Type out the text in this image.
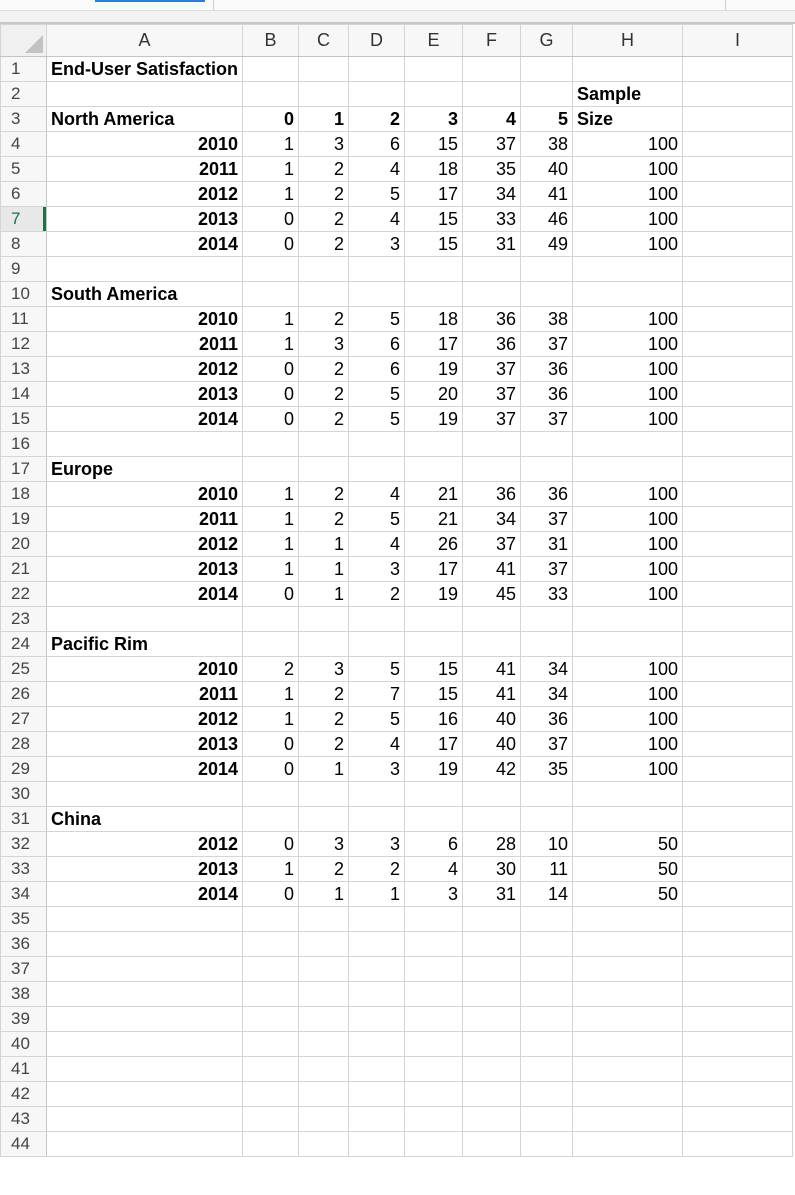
	A	B	C	D	E	F	G	H	I
1	End-User Satisfaction								
2								Sample	
3	North America	0	1	2	3	4	5	Size	
4	2010	1	3	6	15	37	38	100	
5	2011	1	2	4	18	35	40	100	
6	2012	1	2	5	17	34	41	100	
7	2013	0	2	4	15	33	46	100	
8	2014	0	2	3	15	31	49	100	
9									
10	South America								
11	2010	1	2	5	18	36	38	100	
12	2011	1	3	6	17	36	37	100	
13	2012	0	2	6	19	37	36	100	
14	2013	0	2	5	20	37	36	100	
15	2014	0	2	5	19	37	37	100	
16									
17	Europe								
18	2010	1	2	4	21	36	36	100	
19	2011	1	2	5	21	34	37	100	
20	2012	1	1	4	26	37	31	100	
21	2013	1	1	3	17	41	37	100	
22	2014	0	1	2	19	45	33	100	
23									
24	Pacific Rim								
25	2010	2	3	5	15	41	34	100	
26	2011	1	2	7	15	41	34	100	
27	2012	1	2	5	16	40	36	100	
28	2013	0	2	4	17	40	37	100	
29	2014	0	1	3	19	42	35	100	
30									
31	China								
32	2012	0	3	3	6	28	10	50	
33	2013	1	2	2	4	30	11	50	
34	2014	0	1	1	3	31	14	50	
35									
36									
37									
38									
39									
40									
41									
42									
43									
44									
